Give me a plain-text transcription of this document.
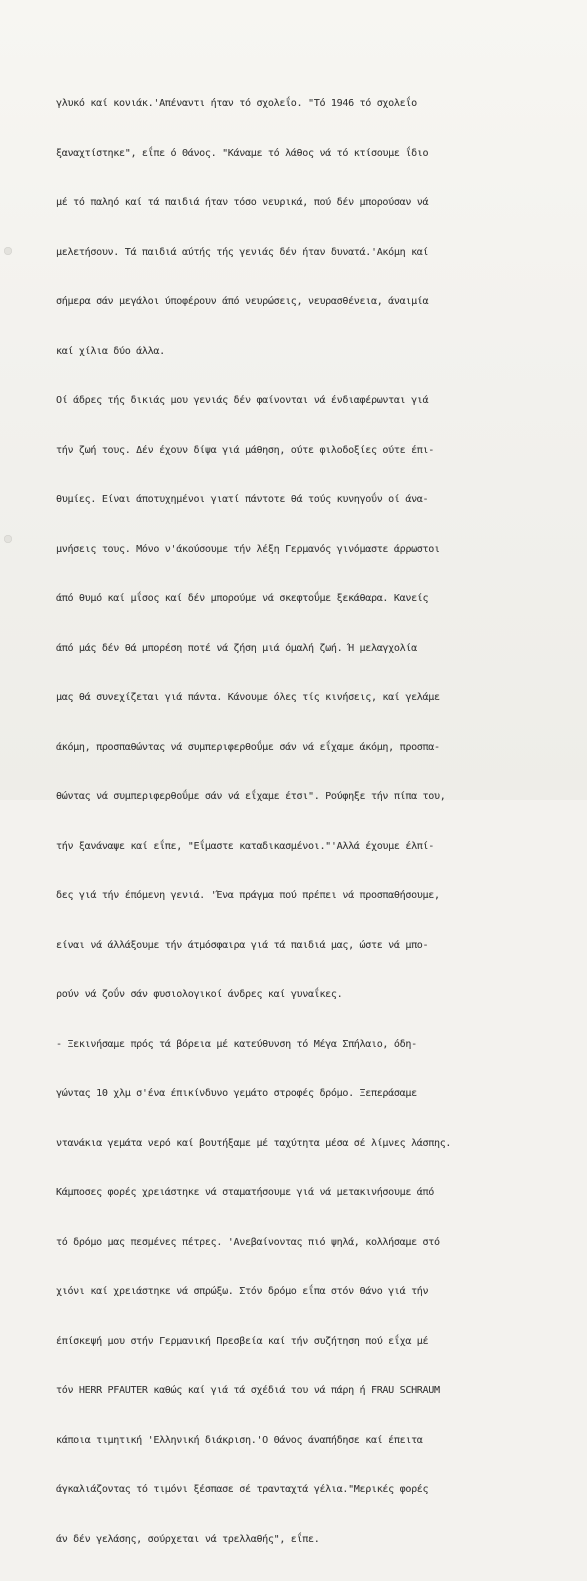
γλυκό καί κονιάκ.'Απέναντι ήταν τό σχολεΐο. "Τό 1946 τό σχολεΐο

ξαναχτίστηκε", εΐπε ό Θάνος. "Κάναμε τό λάθος νά τό κτίσουμε ΐδιο

μέ τό παληό καί τά παιδιά ήταν τόσο νευρικά, πού δέν μπορούσαν νά

μελετήσουν. Τά παιδιά αύτής τής γενιάς δέν ήταν δυνατά.'Ακόμη καί

σήμερα σάν μεγάλοι ύποφέρουν άπό νευρώσεις, νευρασθένεια, άναιμία

καί χίλια δύο άλλα.

Οί άδρες τής δικιάς μου γενιάς δέν φαίνονται νά ένδιαφέρωνται γιά

τήν ζωή τους. Δέν έχουν δίψα γιά μάθηση, ούτε φιλοδοξίες ούτε έπι-

θυμίες. Είναι άποτυχημένοι γιατί πάντοτε θά τούς κυνηγοΰν οί άνα-

μνήσεις τους. Μόνο ν'άκούσουμε τήν λέξη Γερμανός γινόμαστε άρρωστοι

άπό θυμό καί μΐσος καί δέν μπορούμε νά σκεφτοΰμε ξεκάθαρα. Κανείς

άπό μάς δέν θά μπορέση ποτέ νά ζήση μιά όμαλή ζωή. Ή μελαγχολία

μας θά συνεχίζεται γιά πάντα. Κάνουμε όλες τίς κινήσεις, καί γελάμε

άκόμη, προσπαθώντας νά συμπεριφερθοΰμε σάν νά εΐχαμε άκόμη, προσπα-

θώντας νά συμπεριφερθοΰμε σάν νά εΐχαμε έτσι". Ρούφηξε τήν πίπα του,

τήν ξανάναψε καί εΐπε, "Εΐμαστε καταδικασμένοι."'Αλλά έχουμε έλπί-

δες γιά τήν έπόμενη γενιά. 'Ένα πράγμα πού πρέπει νά προσπαθήσουμε,

είναι νά άλλάξουμε τήν άτμόσφαιρα γιά τά παιδιά μας, ώστε νά μπο-

ρούν νά ζοΰν σάν φυσιολογικοί άνδρες καί γυναΐκες.

- Ξεκινήσαμε πρός τά βόρεια μέ κατεύθυνση τό Μέγα Σπήλαιο, όδη-

γώντας 10 χλμ σ'ένα έπικίνδυνο γεμάτο στροφές δρόμο. Ξεπεράσαμε

ντανάκια γεμάτα νερό καί βουτήξαμε μέ ταχύτητα μέσα σέ λίμνες λάσπης.

Κάμποσες φορές χρειάστηκε νά σταματήσουμε γιά νά μετακινήσουμε άπό

τό δρόμο μας πεσμένες πέτρες. 'Ανεβαίνοντας πιό ψηλά, κολλήσαμε στό

χιόνι καί χρειάστηκε νά σπρώξω. Στόν δρόμο εΐπα στόν Θάνο γιά τήν

έπίσκεψή μου στήν Γερμανική Πρεσβεία καί τήν συζήτηση πού εΐχα μέ

τόν HERR PFAUTER καθώς καί γιά τά σχέδιά του νά πάρη ή FRAU SCHRAUM

κάποια τιμητική 'Ελληνική διάκριση.'Ο Θάνος άναπήδησε καί έπειτα

άγκαλιάζοντας τό τιμόνι ξέσπασε σέ τρανταχτά γέλια."Μερικές φορές

άν δέν γελάσης, σούρχεται νά τρελλαθής", εΐπε.
